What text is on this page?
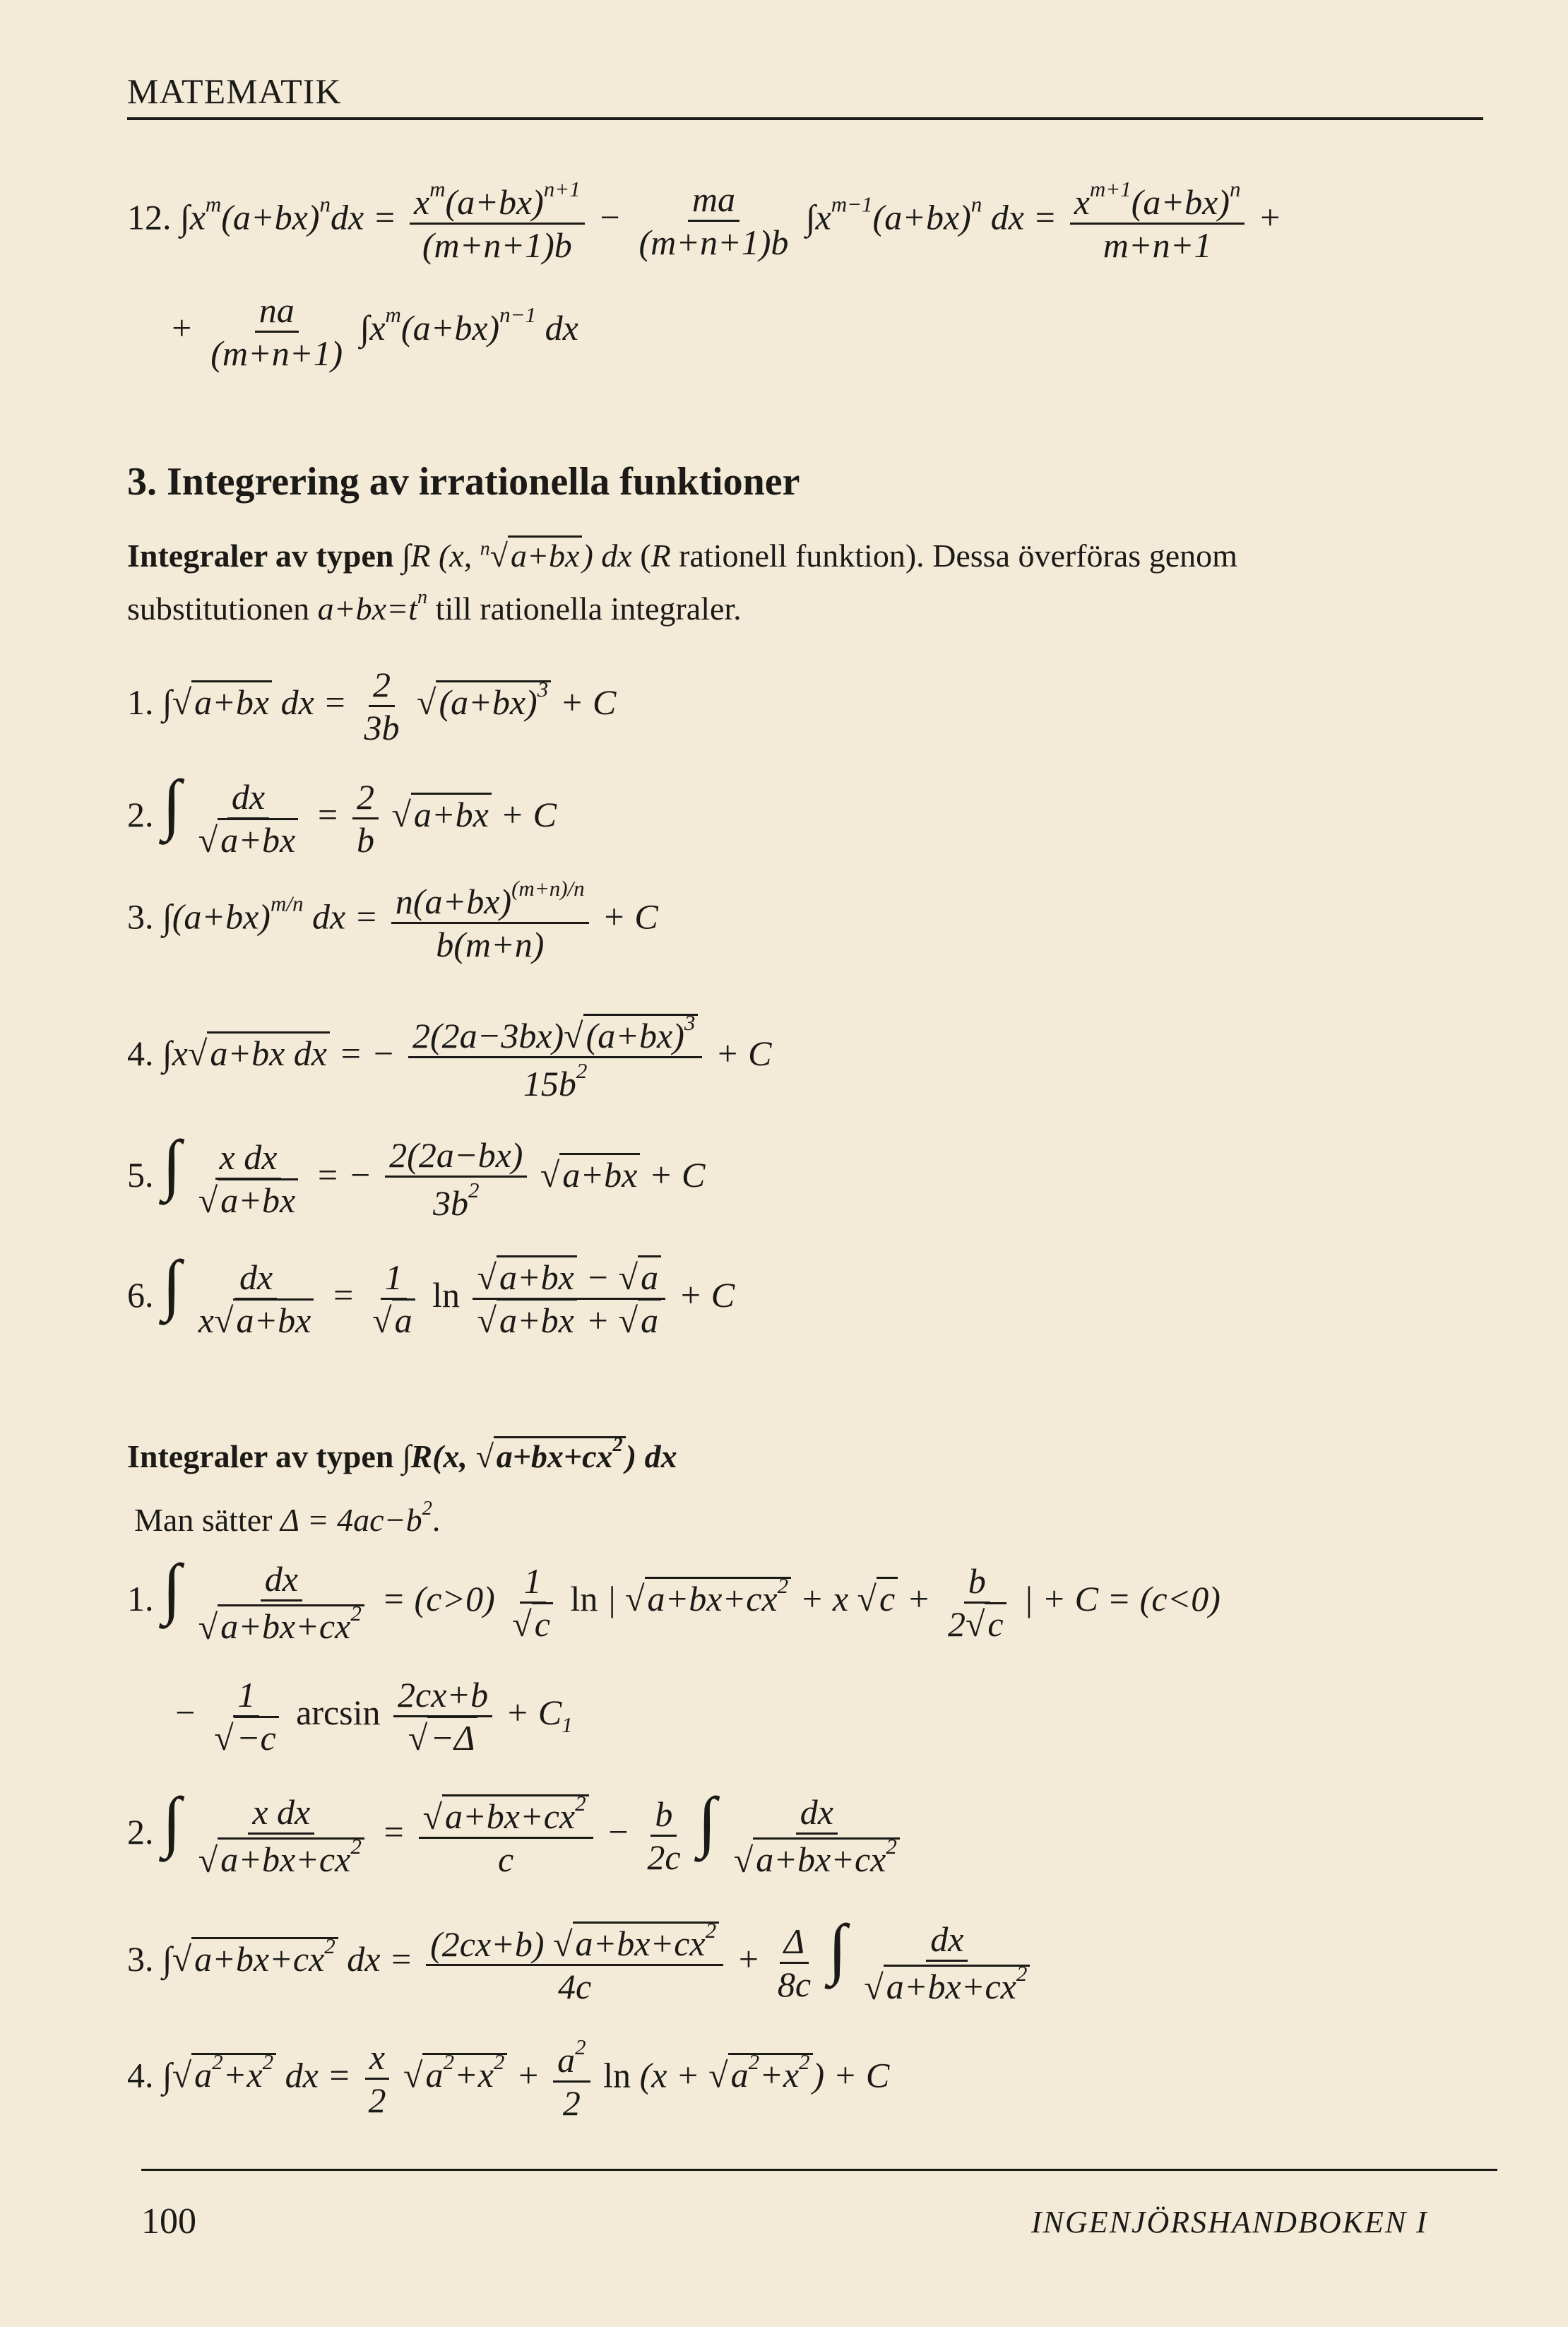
MATEMATIK
12. $\int x^m(a+bx)^ndx = \frac{x^m(a+bx)^{n+1}}{(m+n+1)b} - \frac{ma}{(m+n+1)b} \int x^{m-1}(a+bx)^n$ dx = $\frac{x^{m+1}(a+bx)^n}{m+n+1}$ +
+ $\frac{na}{(m+n+1)} \int x^m(a+bx)^{n-1}$ dx
3. Integrering av irrationella funktioner
Integraler av typen ∫R (x, $^n$√a+bx) dx (R rationell funktion). Dessa överföras genom
substitutionen $a+bx=t^n$ till rationella integraler.
1. ∫√a+bx dx = $\frac{2}{3b} √(a+bx)^3 + C$
2. ∫ $\frac{dx}{√a+bx} = \frac{2}{b} √a+bx + C$
3. $\int(a+bx)^{m/n}$ dx = $\frac{n(a+bx)^{(m+n)/n}}{b(m+n)} + C$
4. ∫x√a+bx dx = − $\frac{2(2a-3bx)√(a+bx)^3}{15b^2} + C$
5. ∫ $\frac{\text{x dx}}{√a+bx}$ = − $\frac{2(2a-bx)}{3b^2} √a+bx + C$
6. ∫ $\frac{dx}{x√a+bx} = \frac{1}{√a}$ $\ln \frac{√a+bx - √a}{√a+bx + √a} + C$
Integraler av typen ∫R(x, $√a+bx+cx^2$) dx
Man sätter $\Delta = 4ac-b^2$.
1. ∫ $\frac{dx}{√a+bx+cx^2} = (c>0) \frac{1}{√c}$ ln | $√a+bx+cx^2 + x$ $√c + \frac{b}{2√c}$ | + C = (c<0)
− $\frac{1}{√-c}$ $\arcsin \frac{2cx+b}{√-\Delta} + C_1$
2. ∫ $\frac{\text{x dx}}{√a+bx+cx^2} = \frac{√a+bx+cx^2}{c} - \frac{b}{2c}$ ∫ $\frac{dx}{√a+bx+cx^2}$
3. $\int√a+bx+cx^2$ dx = $\frac{(2cx+b) √a+bx+cx^2}{4c} + \frac{\Delta}{8c}$ ∫ $\frac{dx}{√a+bx+cx^2}$
4. $\int√a^2+x^2$ dx = $\frac{x}{2} √a^2+x^2 + \frac{a^2}{2}$ $\ln (x + √a^2+x^2) + C$
100	INGENJÖRSHANDBOKEN I
